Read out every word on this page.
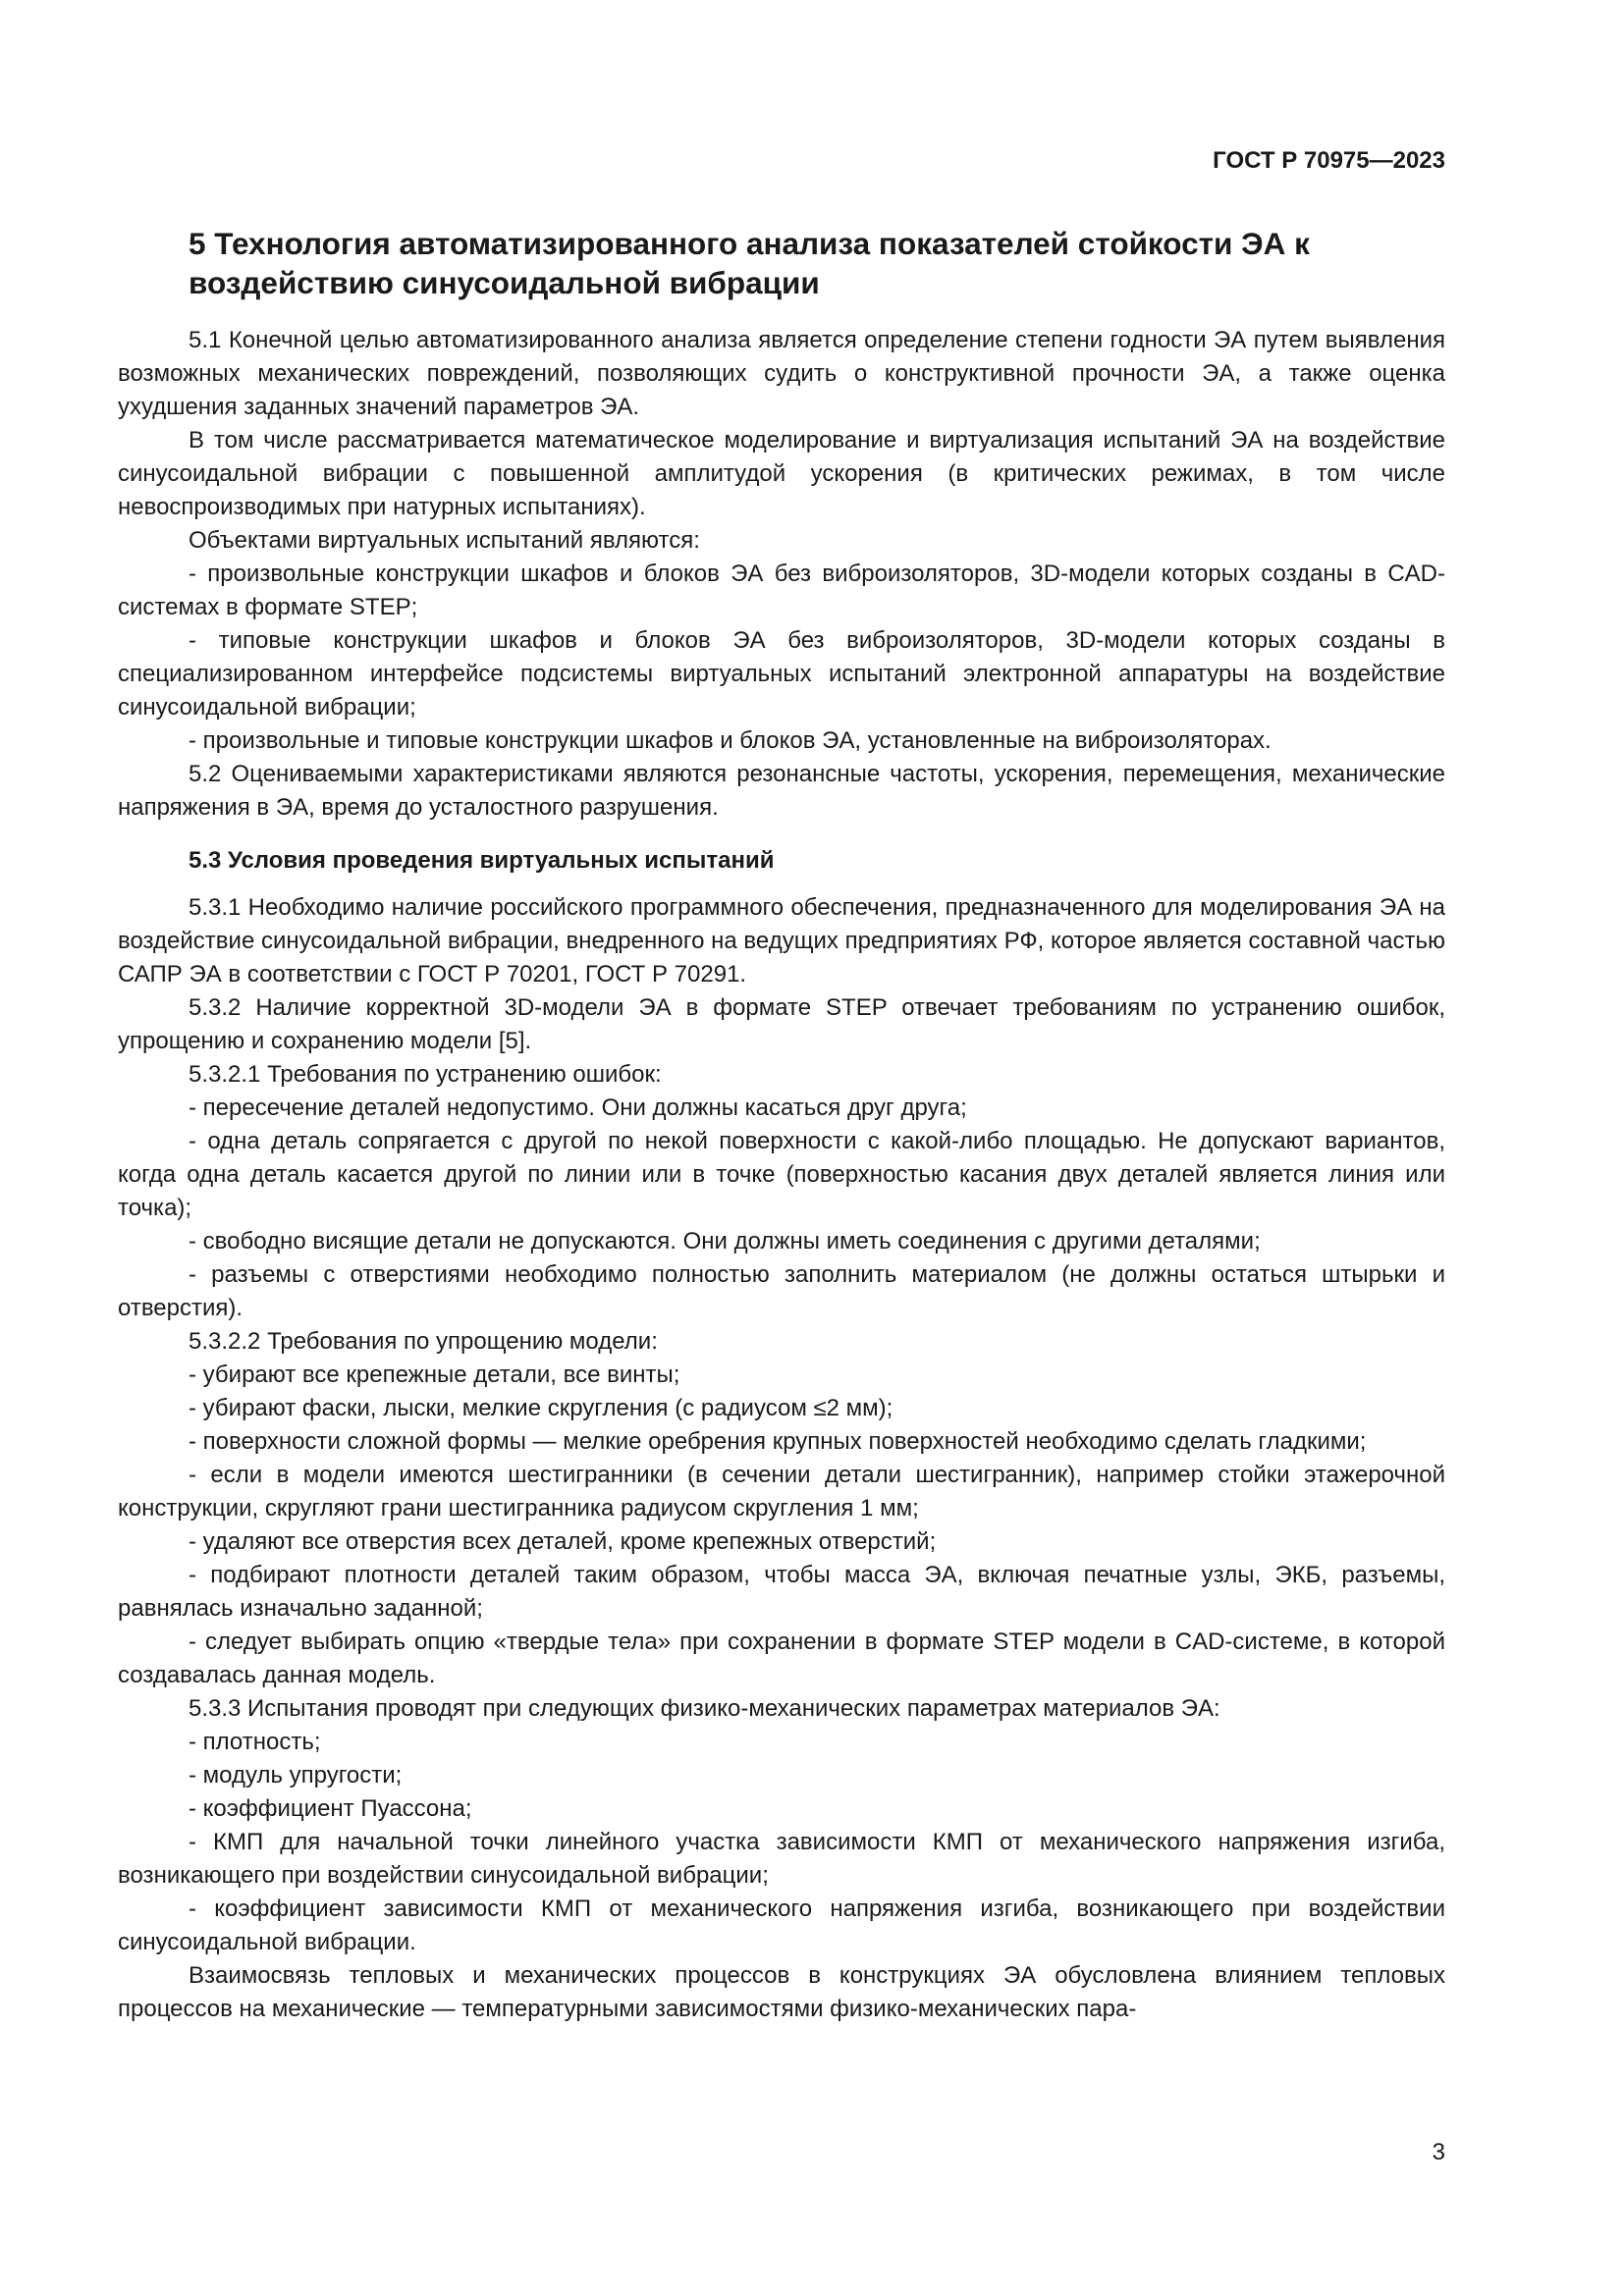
ГОСТ Р 70975—2023
5 Технология автоматизированного анализа показателей стойкости ЭА к воздействию синусоидальной вибрации

5.1 Конечной целью автоматизированного анализа является определение степени годности ЭА путем выявления возможных механических повреждений, позволяющих судить о конструктивной прочности ЭА, а также оценка ухудшения заданных значений параметров ЭА.

В том числе рассматривается математическое моделирование и виртуализация испытаний ЭА на воздействие синусоидальной вибрации с повышенной амплитудой ускорения (в критических режимах, в том числе невоспроизводимых при натурных испытаниях).

Объектами виртуальных испытаний являются:

- произвольные конструкции шкафов и блоков ЭА без виброизоляторов, 3D-модели которых созданы в CAD-системах в формате STEP;

- типовые конструкции шкафов и блоков ЭА без виброизоляторов, 3D-модели которых созданы в специализированном интерфейсе подсистемы виртуальных испытаний электронной аппаратуры на воздействие синусоидальной вибрации;

- произвольные и типовые конструкции шкафов и блоков ЭА, установленные на виброизоляторах.

5.2 Оцениваемыми характеристиками являются резонансные частоты, ускорения, перемещения, механические напряжения в ЭА, время до усталостного разрушения.

5.3 Условия проведения виртуальных испытаний

5.3.1 Необходимо наличие российского программного обеспечения, предназначенного для моделирования ЭА на воздействие синусоидальной вибрации, внедренного на ведущих предприятиях РФ, которое является составной частью САПР ЭА в соответствии с ГОСТ Р 70201, ГОСТ Р 70291.

5.3.2 Наличие корректной 3D-модели ЭА в формате STEP отвечает требованиям по устранению ошибок, упрощению и сохранению модели [5].

5.3.2.1 Требования по устранению ошибок:

- пересечение деталей недопустимо. Они должны касаться друг друга;

- одна деталь сопрягается с другой по некой поверхности с какой-либо площадью. Не допускают вариантов, когда одна деталь касается другой по линии или в точке (поверхностью касания двух деталей является линия или точка);

- свободно висящие детали не допускаются. Они должны иметь соединения с другими деталями;

- разъемы с отверстиями необходимо полностью заполнить материалом (не должны остаться штырьки и отверстия).

5.3.2.2 Требования по упрощению модели:

- убирают все крепежные детали, все винты;

- убирают фаски, лыски, мелкие скругления (с радиусом ≤2 мм);

- поверхности сложной формы — мелкие оребрения крупных поверхностей необходимо сделать гладкими;

- если в модели имеются шестигранники (в сечении детали шестигранник), например стойки этажерочной конструкции, скругляют грани шестигранника радиусом скругления 1 мм;

- удаляют все отверстия всех деталей, кроме крепежных отверстий;

- подбирают плотности деталей таким образом, чтобы масса ЭА, включая печатные узлы, ЭКБ, разъемы, равнялась изначально заданной;

- следует выбирать опцию «твердые тела» при сохранении в формате STEP модели в CAD-системе, в которой создавалась данная модель.

5.3.3 Испытания проводят при следующих физико-механических параметрах материалов ЭА:

- плотность;

- модуль упругости;

- коэффициент Пуассона;

- КМП для начальной точки линейного участка зависимости КМП от механического напряжения изгиба, возникающего при воздействии синусоидальной вибрации;

- коэффициент зависимости КМП от механического напряжения изгиба, возникающего при воздействии синусоидальной вибрации.

Взаимосвязь тепловых и механических процессов в конструкциях ЭА обусловлена влиянием тепловых процессов на механические — температурными зависимостями физико-механических пара-

3
